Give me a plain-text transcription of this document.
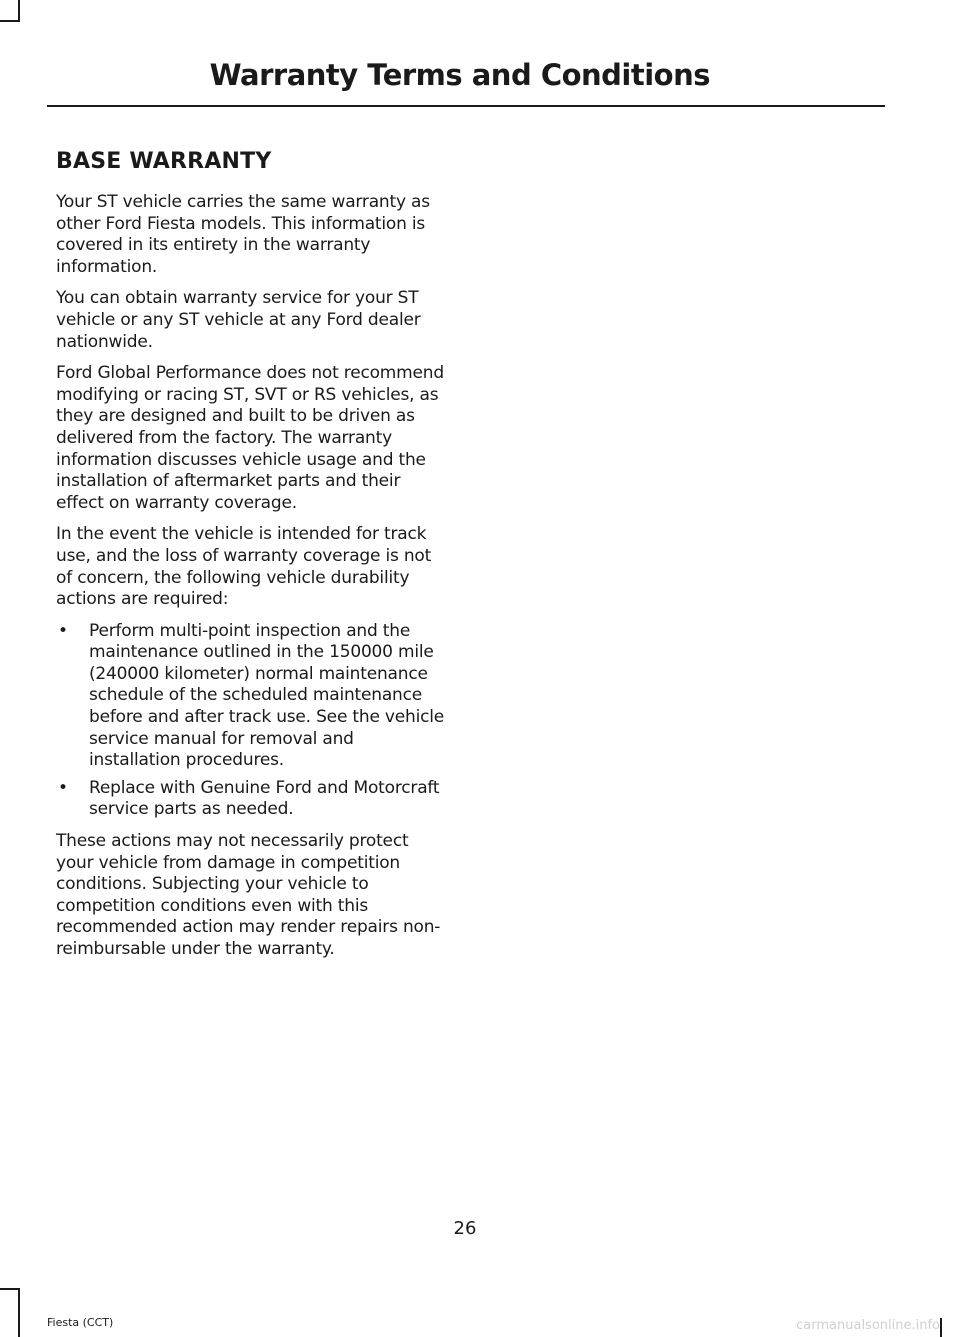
Warranty Terms and Conditions
BASE WARRANTY

Your ST vehicle carries the same warranty as other Ford Fiesta models. This information is covered in its entirety in the warranty information.

You can obtain warranty service for your ST vehicle or any ST vehicle at any Ford dealer nationwide.

Ford Global Performance does not recommend modifying or racing ST, SVT or RS vehicles, as they are designed and built to be driven as delivered from the factory. The warranty information discusses vehicle usage and the installation of aftermarket parts and their effect on warranty coverage.

In the event the vehicle is intended for track use, and the loss of warranty coverage is not of concern, the following vehicle durability actions are required:

• Perform multi-point inspection and the maintenance outlined in the 150000 mile (240000 kilometer) normal maintenance schedule of the scheduled maintenance before and after track use. See the vehicle service manual for removal and installation procedures.
• Replace with Genuine Ford and Motorcraft service parts as needed.

These actions may not necessarily protect your vehicle from damage in competition conditions. Subjecting your vehicle to competition conditions even with this recommended action may render repairs non-reimbursable under the warranty.

26
Fiesta (CCT)	carmanualsonline.info
